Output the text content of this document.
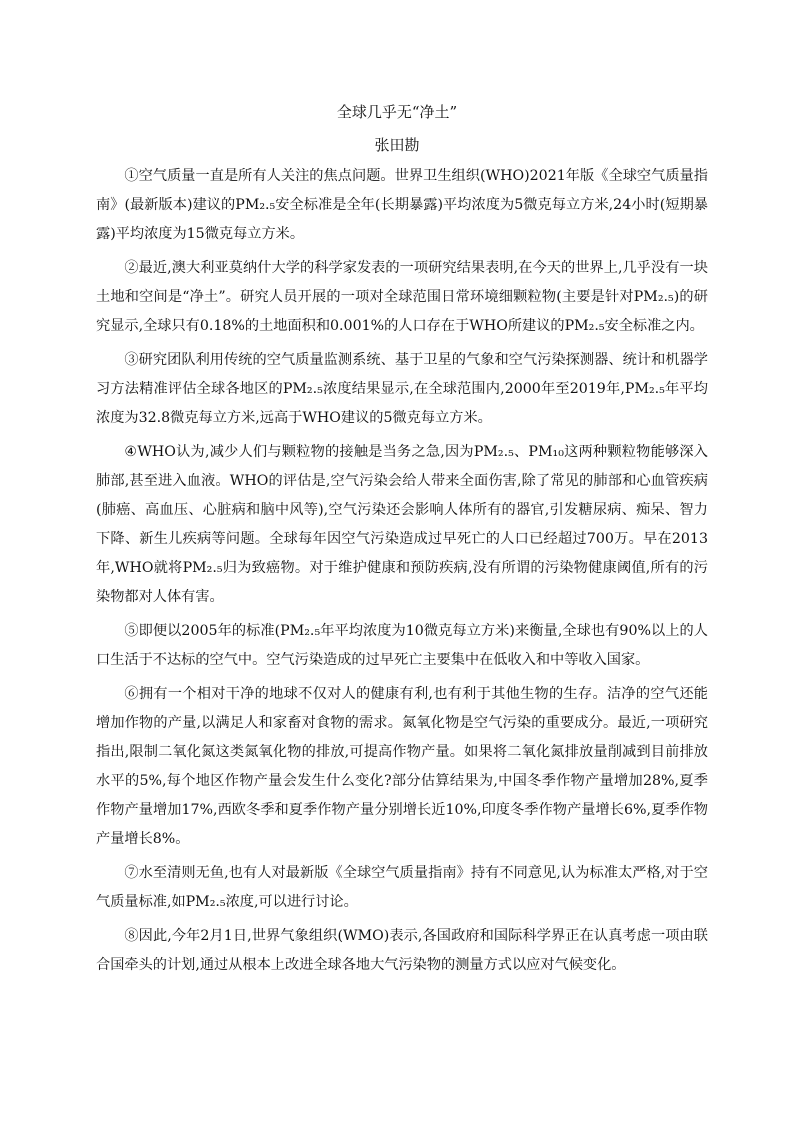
全球几乎无“净土”
张田勘

①空气质量一直是所有人关注的焦点问题。世界卫生组织(WHO)2021年版《全球空气质量指南》(最新版本)建议的PM₂.₅安全标准是全年(长期暴露)平均浓度为5微克每立方米,24小时(短期暴露)平均浓度为15微克每立方米。

②最近,澳大利亚莫纳什大学的科学家发表的一项研究结果表明,在今天的世界上,几乎没有一块土地和空间是“净土”。研究人员开展的一项对全球范围日常环境细颗粒物(主要是针对PM₂.₅)的研究显示,全球只有0.18%的土地面积和0.001%的人口存在于WHO所建议的PM₂.₅安全标准之内。

③研究团队利用传统的空气质量监测系统、基于卫星的气象和空气污染探测器、统计和机器学习方法精准评估全球各地区的PM₂.₅浓度结果显示,在全球范围内,2000年至2019年,PM₂.₅年平均浓度为32.8微克每立方米,远高于WHO建议的5微克每立方米。

④WHO认为,减少人们与颗粒物的接触是当务之急,因为PM₂.₅、PM₁₀这两种颗粒物能够深入肺部,甚至进入血液。WHO的评估是,空气污染会给人带来全面伤害,除了常见的肺部和心血管疾病(肺癌、高血压、心脏病和脑中风等),空气污染还会影响人体所有的器官,引发糖尿病、痴呆、智力下降、新生儿疾病等问题。全球每年因空气污染造成过早死亡的人口已经超过700万。早在2013年,WHO就将PM₂.₅归为致癌物。对于维护健康和预防疾病,没有所谓的污染物健康阈值,所有的污染物都对人体有害。

⑤即便以2005年的标准(PM₂.₅年平均浓度为10微克每立方米)来衡量,全球也有90%以上的人口生活于不达标的空气中。空气污染造成的过早死亡主要集中在低收入和中等收入国家。

⑥拥有一个相对干净的地球不仅对人的健康有利,也有利于其他生物的生存。洁净的空气还能增加作物的产量,以满足人和家畜对食物的需求。氮氧化物是空气污染的重要成分。最近,一项研究指出,限制二氧化氮这类氮氧化物的排放,可提高作物产量。如果将二氧化氮排放量削减到目前排放水平的5%,每个地区作物产量会发生什么变化?部分估算结果为,中国冬季作物产量增加28%,夏季作物产量增加17%,西欧冬季和夏季作物产量分别增长近10%,印度冬季作物产量增长6%,夏季作物产量增长8%。

⑦水至清则无鱼,也有人对最新版《全球空气质量指南》持有不同意见,认为标准太严格,对于空气质量标准,如PM₂.₅浓度,可以进行讨论。

⑧因此,今年2月1日,世界气象组织(WMO)表示,各国政府和国际科学界正在认真考虑一项由联合国牵头的计划,通过从根本上改进全球各地大气污染物的测量方式以应对气候变化。
